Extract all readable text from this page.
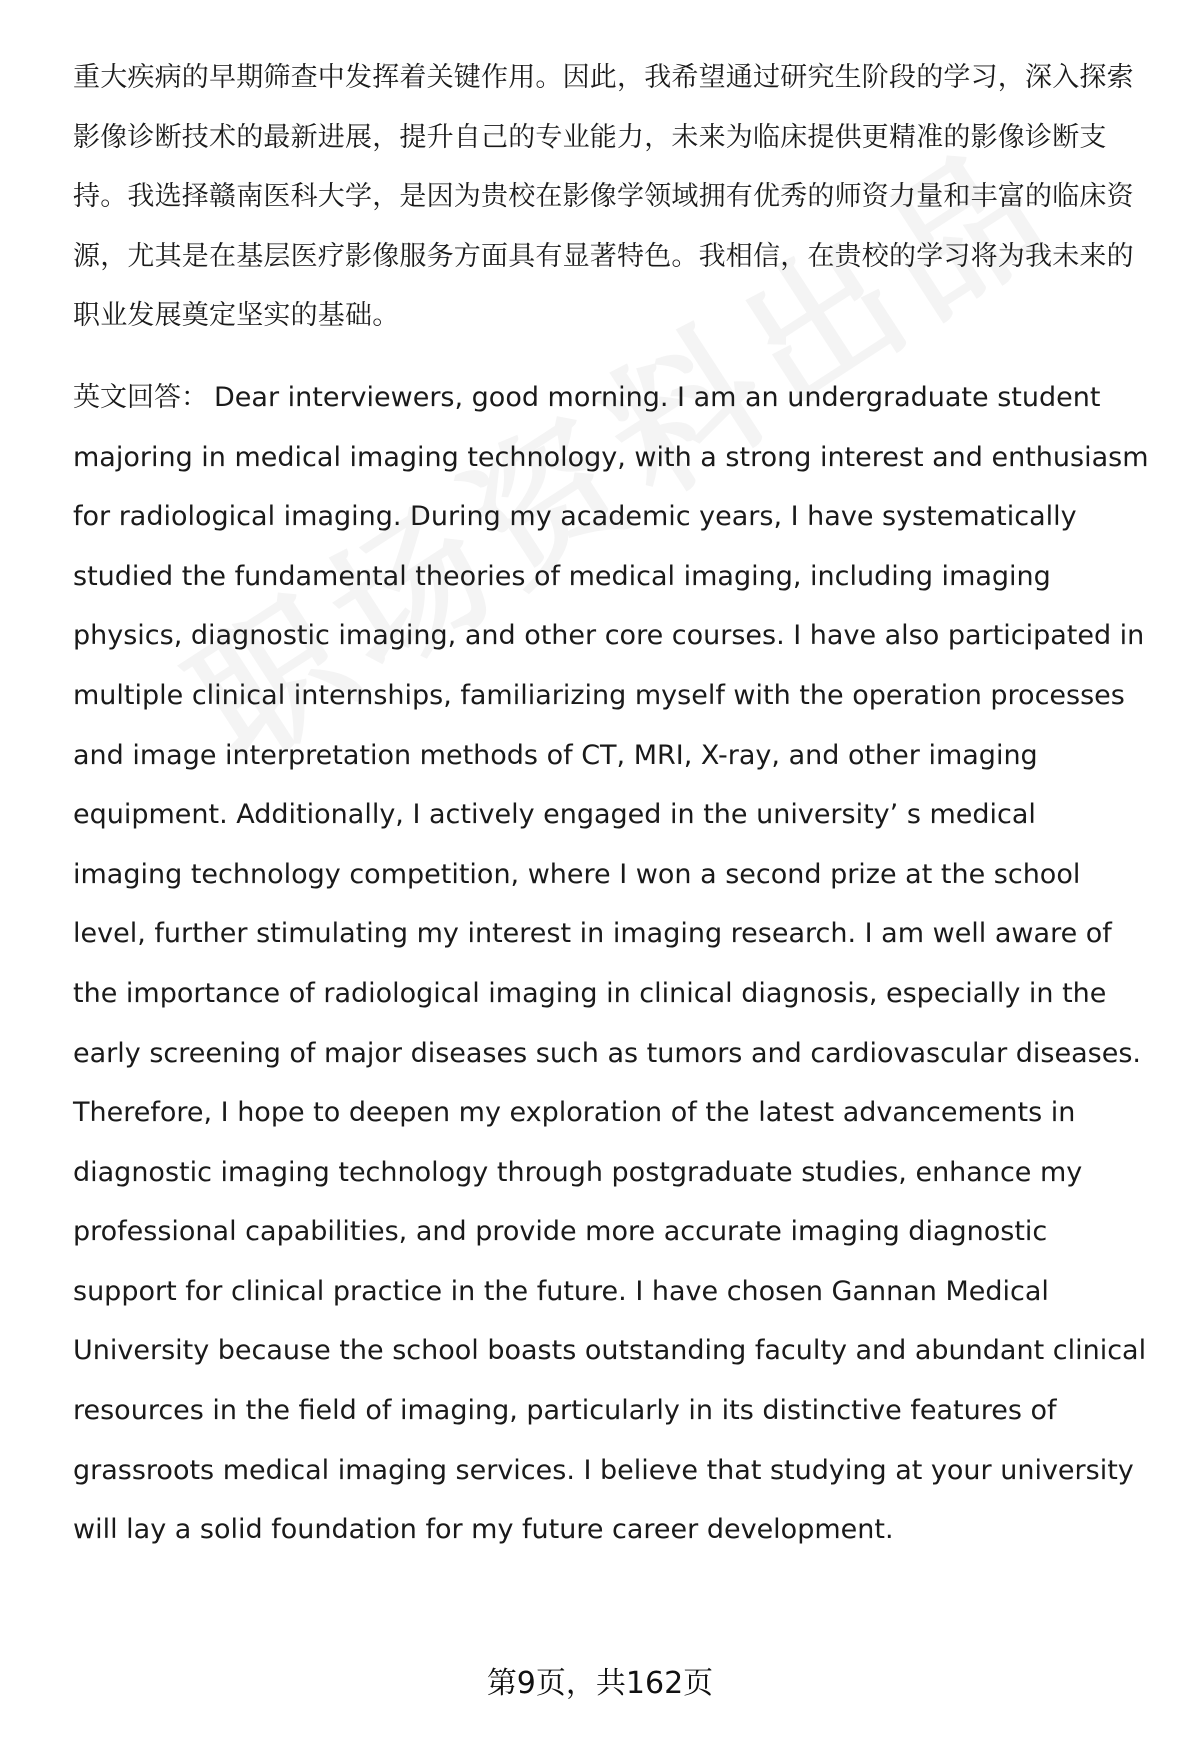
重大疾病的早期筛查中发挥着关键作用。因此，我希望通过研究生阶段的学习，深入探索影像诊断技术的最新进展，提升自己的专业能力，未来为临床提供更精准的影像诊断支持。我选择赣南医科大学，是因为贵校在影像学领域拥有优秀的师资力量和丰富的临床资源，尤其是在基层医疗影像服务方面具有显著特色。我相信，在贵校的学习将为我未来的职业发展奠定坚实的基础。

英文回答： Dear interviewers, good morning. I am an undergraduate student majoring in medical imaging technology, with a strong interest and enthusiasm for radiological imaging. During my academic years, I have systematically studied the fundamental theories of medical imaging, including imaging physics, diagnostic imaging, and other core courses. I have also participated in multiple clinical internships, familiarizing myself with the operation processes and image interpretation methods of CT, MRI, X-ray, and other imaging equipment. Additionally, I actively engaged in the university’ s medical imaging technology competition, where I won a second prize at the school level, further stimulating my interest in imaging research. I am well aware of the importance of radiological imaging in clinical diagnosis, especially in the early screening of major diseases such as tumors and cardiovascular diseases. Therefore, I hope to deepen my exploration of the latest advancements in diagnostic imaging technology through postgraduate studies, enhance my professional capabilities, and provide more accurate imaging diagnostic support for clinical practice in the future. I have chosen Gannan Medical University because the school boasts outstanding faculty and abundant clinical resources in the field of imaging, particularly in its distinctive features of grassroots medical imaging services. I believe that studying at your university will lay a solid foundation for my future career development.

第9页，共162页
